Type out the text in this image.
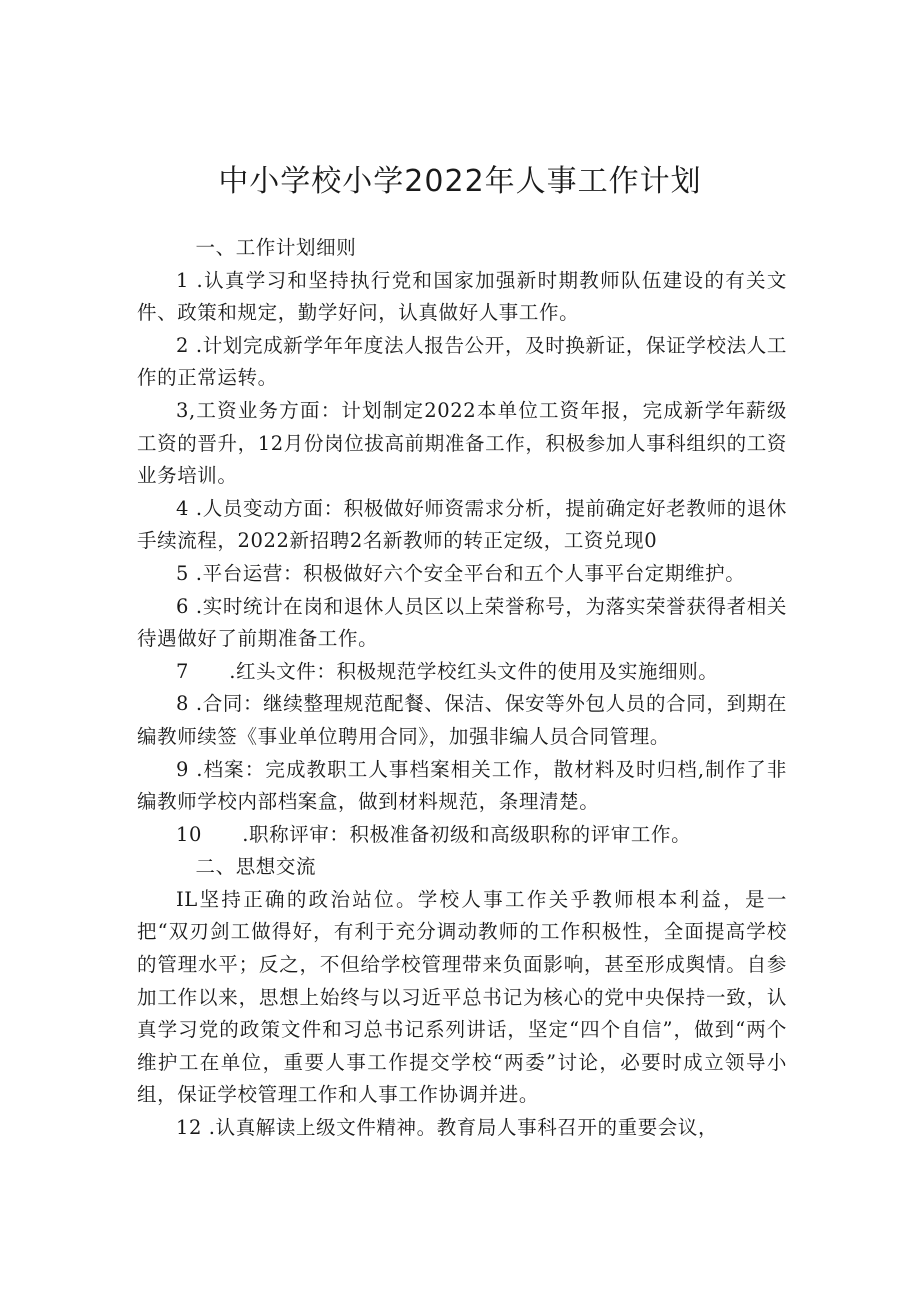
中小学校小学2022年人事工作计划

一、工作计划细则

1 .认真学习和坚持执行党和国家加强新时期教师队伍建设的有关文件、政策和规定，勤学好问，认真做好人事工作。

2 .计划完成新学年年度法人报告公开，及时换新证，保证学校法人工作的正常运转。

3,工资业务方面：计划制定2022本单位工资年报，完成新学年薪级工资的晋升，12月份岗位拔高前期准备工作，积极参加人事科组织的工资业务培训。

4 .人员变动方面：积极做好师资需求分析，提前确定好老教师的退休手续流程，2022新招聘2名新教师的转正定级，工资兑现0

5 .平台运营：积极做好六个安全平台和五个人事平台定期维护。

6 .实时统计在岗和退休人员区以上荣誉称号，为落实荣誉获得者相关待遇做好了前期准备工作。

7　　.红头文件：积极规范学校红头文件的使用及实施细则。

8 .合同：继续整理规范配餐、保洁、保安等外包人员的合同，到期在编教师续签《事业单位聘用合同》，加强非编人员合同管理。

9 .档案：完成教职工人事档案相关工作，散材料及时归档,制作了非编教师学校内部档案盒，做到材料规范，条理清楚。

10　　.职称评审：积极准备初级和高级职称的评审工作。

二、思想交流

IL坚持正确的政治站位。学校人事工作关乎教师根本利益，是一把“双刃剑工做得好，有利于充分调动教师的工作积极性，全面提高学校的管理水平；反之，不但给学校管理带来负面影响，甚至形成舆情。自参加工作以来，思想上始终与以习近平总书记为核心的党中央保持一致，认真学习党的政策文件和习总书记系列讲话，坚定“四个自信”，做到“两个维护工在单位，重要人事工作提交学校“两委”讨论，必要时成立领导小组，保证学校管理工作和人事工作协调并进。

12 .认真解读上级文件精神。教育局人事科召开的重要会议，
